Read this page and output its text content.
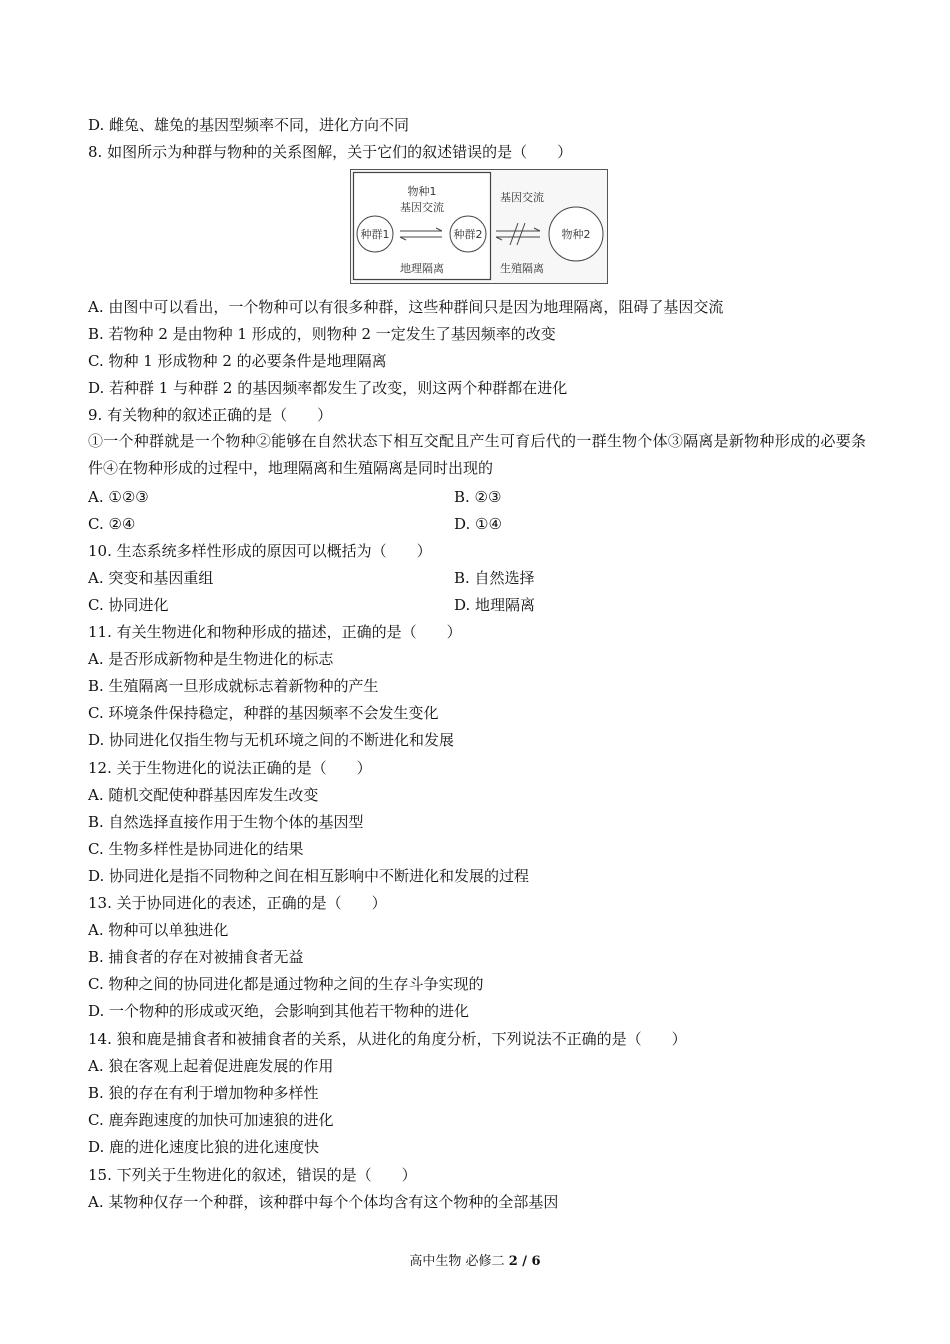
D. 雌兔、雄兔的基因型频率不同，进化方向不同
8. 如图所示为种群与物种的关系图解，关于它们的叙述错误的是（　　）
物种1
基因交流
种群1	种群2
地理隔离
基因交流
生殖隔离
物种2
A. 由图中可以看出，一个物种可以有很多种群，这些种群间只是因为地理隔离，阻碍了基因交流
B. 若物种 2 是由物种 1 形成的，则物种 2 一定发生了基因频率的改变
C. 物种 1 形成物种 2 的必要条件是地理隔离
D. 若种群 1 与种群 2 的基因频率都发生了改变，则这两个种群都在进化
9. 有关物种的叙述正确的是（　　）
①一个种群就是一个物种②能够在自然状态下相互交配且产生可育后代的一群生物个体③隔离是新物种形成的必要条件④在物种形成的过程中，地理隔离和生殖隔离是同时出现的
A. ①②③	B. ②③
C. ②④	D. ①④
10. 生态系统多样性形成的原因可以概括为（　　）
A. 突变和基因重组	B. 自然选择
C. 协同进化	D. 地理隔离
11. 有关生物进化和物种形成的描述，正确的是（　　）
A. 是否形成新物种是生物进化的标志
B. 生殖隔离一旦形成就标志着新物种的产生
C. 环境条件保持稳定，种群的基因频率不会发生变化
D. 协同进化仅指生物与无机环境之间的不断进化和发展
12. 关于生物进化的说法正确的是（　　）
A. 随机交配使种群基因库发生改变
B. 自然选择直接作用于生物个体的基因型
C. 生物多样性是协同进化的结果
D. 协同进化是指不同物种之间在相互影响中不断进化和发展的过程
13. 关于协同进化的表述，正确的是（　　）
A. 物种可以单独进化
B. 捕食者的存在对被捕食者无益
C. 物种之间的协同进化都是通过物种之间的生存斗争实现的
D. 一个物种的形成或灭绝，会影响到其他若干物种的进化
14. 狼和鹿是捕食者和被捕食者的关系，从进化的角度分析，下列说法不正确的是（　　）
A. 狼在客观上起着促进鹿发展的作用
B. 狼的存在有利于增加物种多样性
C. 鹿奔跑速度的加快可加速狼的进化
D. 鹿的进化速度比狼的进化速度快
15. 下列关于生物进化的叙述，错误的是（　　）
A. 某物种仅存一个种群，该种群中每个个体均含有这个物种的全部基因
高中生物 必修二 2 / 6
